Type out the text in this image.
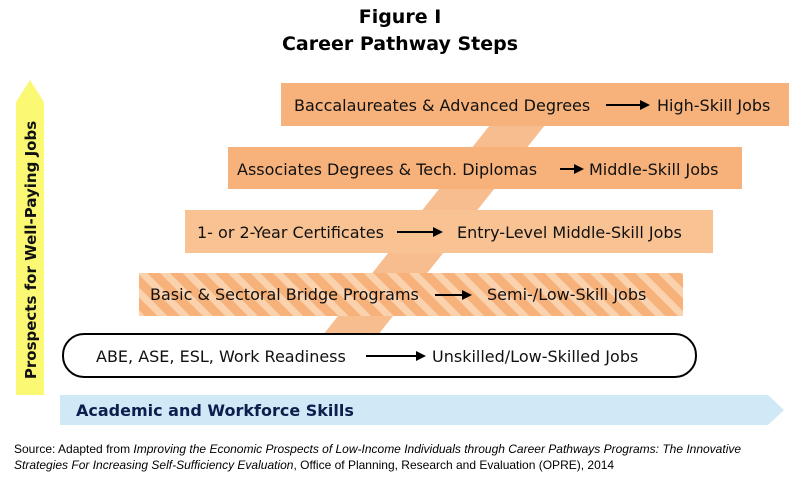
Figure I
Career Pathway Steps
Prospects for Well-Paying Jobs
Academic and Workforce Skills
Baccalaureates & Advanced Degrees	High-Skill Jobs
Associates Degrees & Tech. Diplomas	Middle-Skill Jobs
1- or 2-Year Certificates	Entry-Level Middle-Skill Jobs
Basic & Sectoral Bridge Programs	Semi-/Low-Skill Jobs
ABE, ASE, ESL, Work Readiness	Unskilled/Low-Skilled Jobs
Source: Adapted from Improving the Economic Prospects of Low-Income Individuals through Career Pathways Programs: The Innovative Strategies For Increasing Self-Sufficiency Evaluation, Office of Planning, Research and Evaluation (OPRE), 2014
